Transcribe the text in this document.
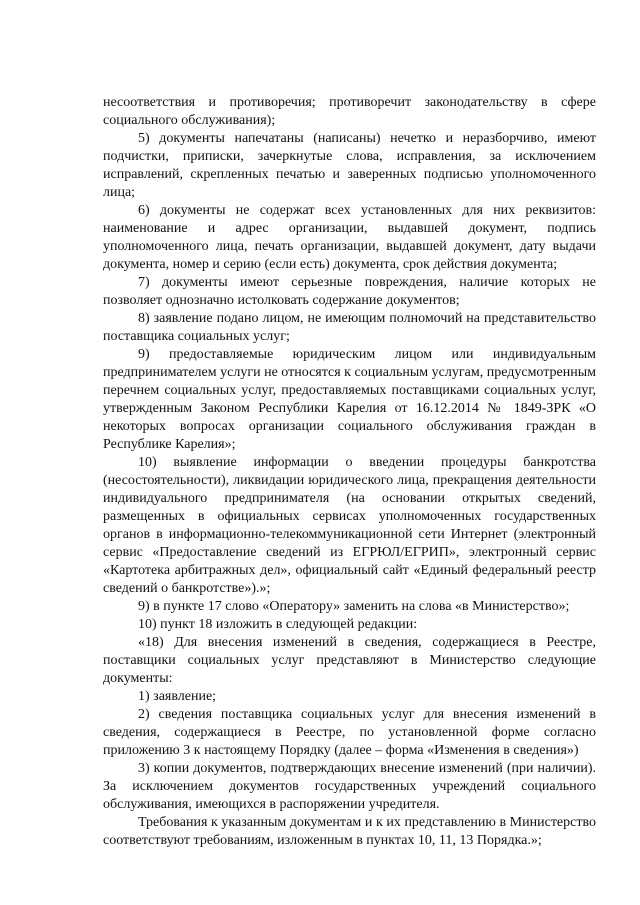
несоответствия и противоречия; противоречит законодательству в сфере социального обслуживания);

5) документы напечатаны (написаны) нечетко и неразборчиво, имеют подчистки, приписки, зачеркнутые слова, исправления, за исключением исправлений, скрепленных печатью и заверенных подписью уполномоченного лица;

6) документы не содержат всех установленных для них реквизитов: наименование и адрес организации, выдавшей документ, подпись уполномоченного лица, печать организации, выдавшей документ, дату выдачи документа, номер и серию (если есть) документа, срок действия документа;

7) документы имеют серьезные повреждения, наличие которых не позволяет однозначно истолковать содержание документов;

8) заявление подано лицом, не имеющим полномочий на представительство поставщика социальных услуг;

9) предоставляемые юридическим лицом или индивидуальным предпринимателем услуги не относятся к социальным услугам, предусмотренным перечнем социальных услуг, предоставляемых поставщиками социальных услуг, утвержденным Законом Республики Карелия от 16.12.2014 № 1849-ЗРК «О некоторых вопросах организации социального обслуживания граждан в Республике Карелия»;

10) выявление информации о введении процедуры банкротства (несостоятельности), ликвидации юридического лица, прекращения деятельности индивидуального предпринимателя (на основании открытых сведений, размещенных в официальных сервисах уполномоченных государственных органов в информационно-телекоммуникационной сети Интернет (электронный сервис «Предоставление сведений из ЕГРЮЛ/ЕГРИП», электронный сервис «Картотека арбитражных дел», официальный сайт «Единый федеральный реестр сведений о банкротстве»).»;

9) в пункте 17 слово «Оператору» заменить на слова «в Министерство»;

10) пункт 18 изложить в следующей редакции:

«18) Для внесения изменений в сведения, содержащиеся в Реестре, поставщики социальных услуг представляют в Министерство следующие документы:

1) заявление;

2) сведения поставщика социальных услуг для внесения изменений в сведения, содержащиеся в Реестре, по установленной форме согласно приложению 3 к настоящему Порядку (далее – форма «Изменения в сведения»)

3) копии документов, подтверждающих внесение изменений (при наличии). За исключением документов государственных учреждений социального обслуживания, имеющихся в распоряжении учредителя.

Требования к указанным документам и к их представлению в Министерство соответствуют требованиям, изложенным в пунктах 10, 11, 13 Порядка.»;
